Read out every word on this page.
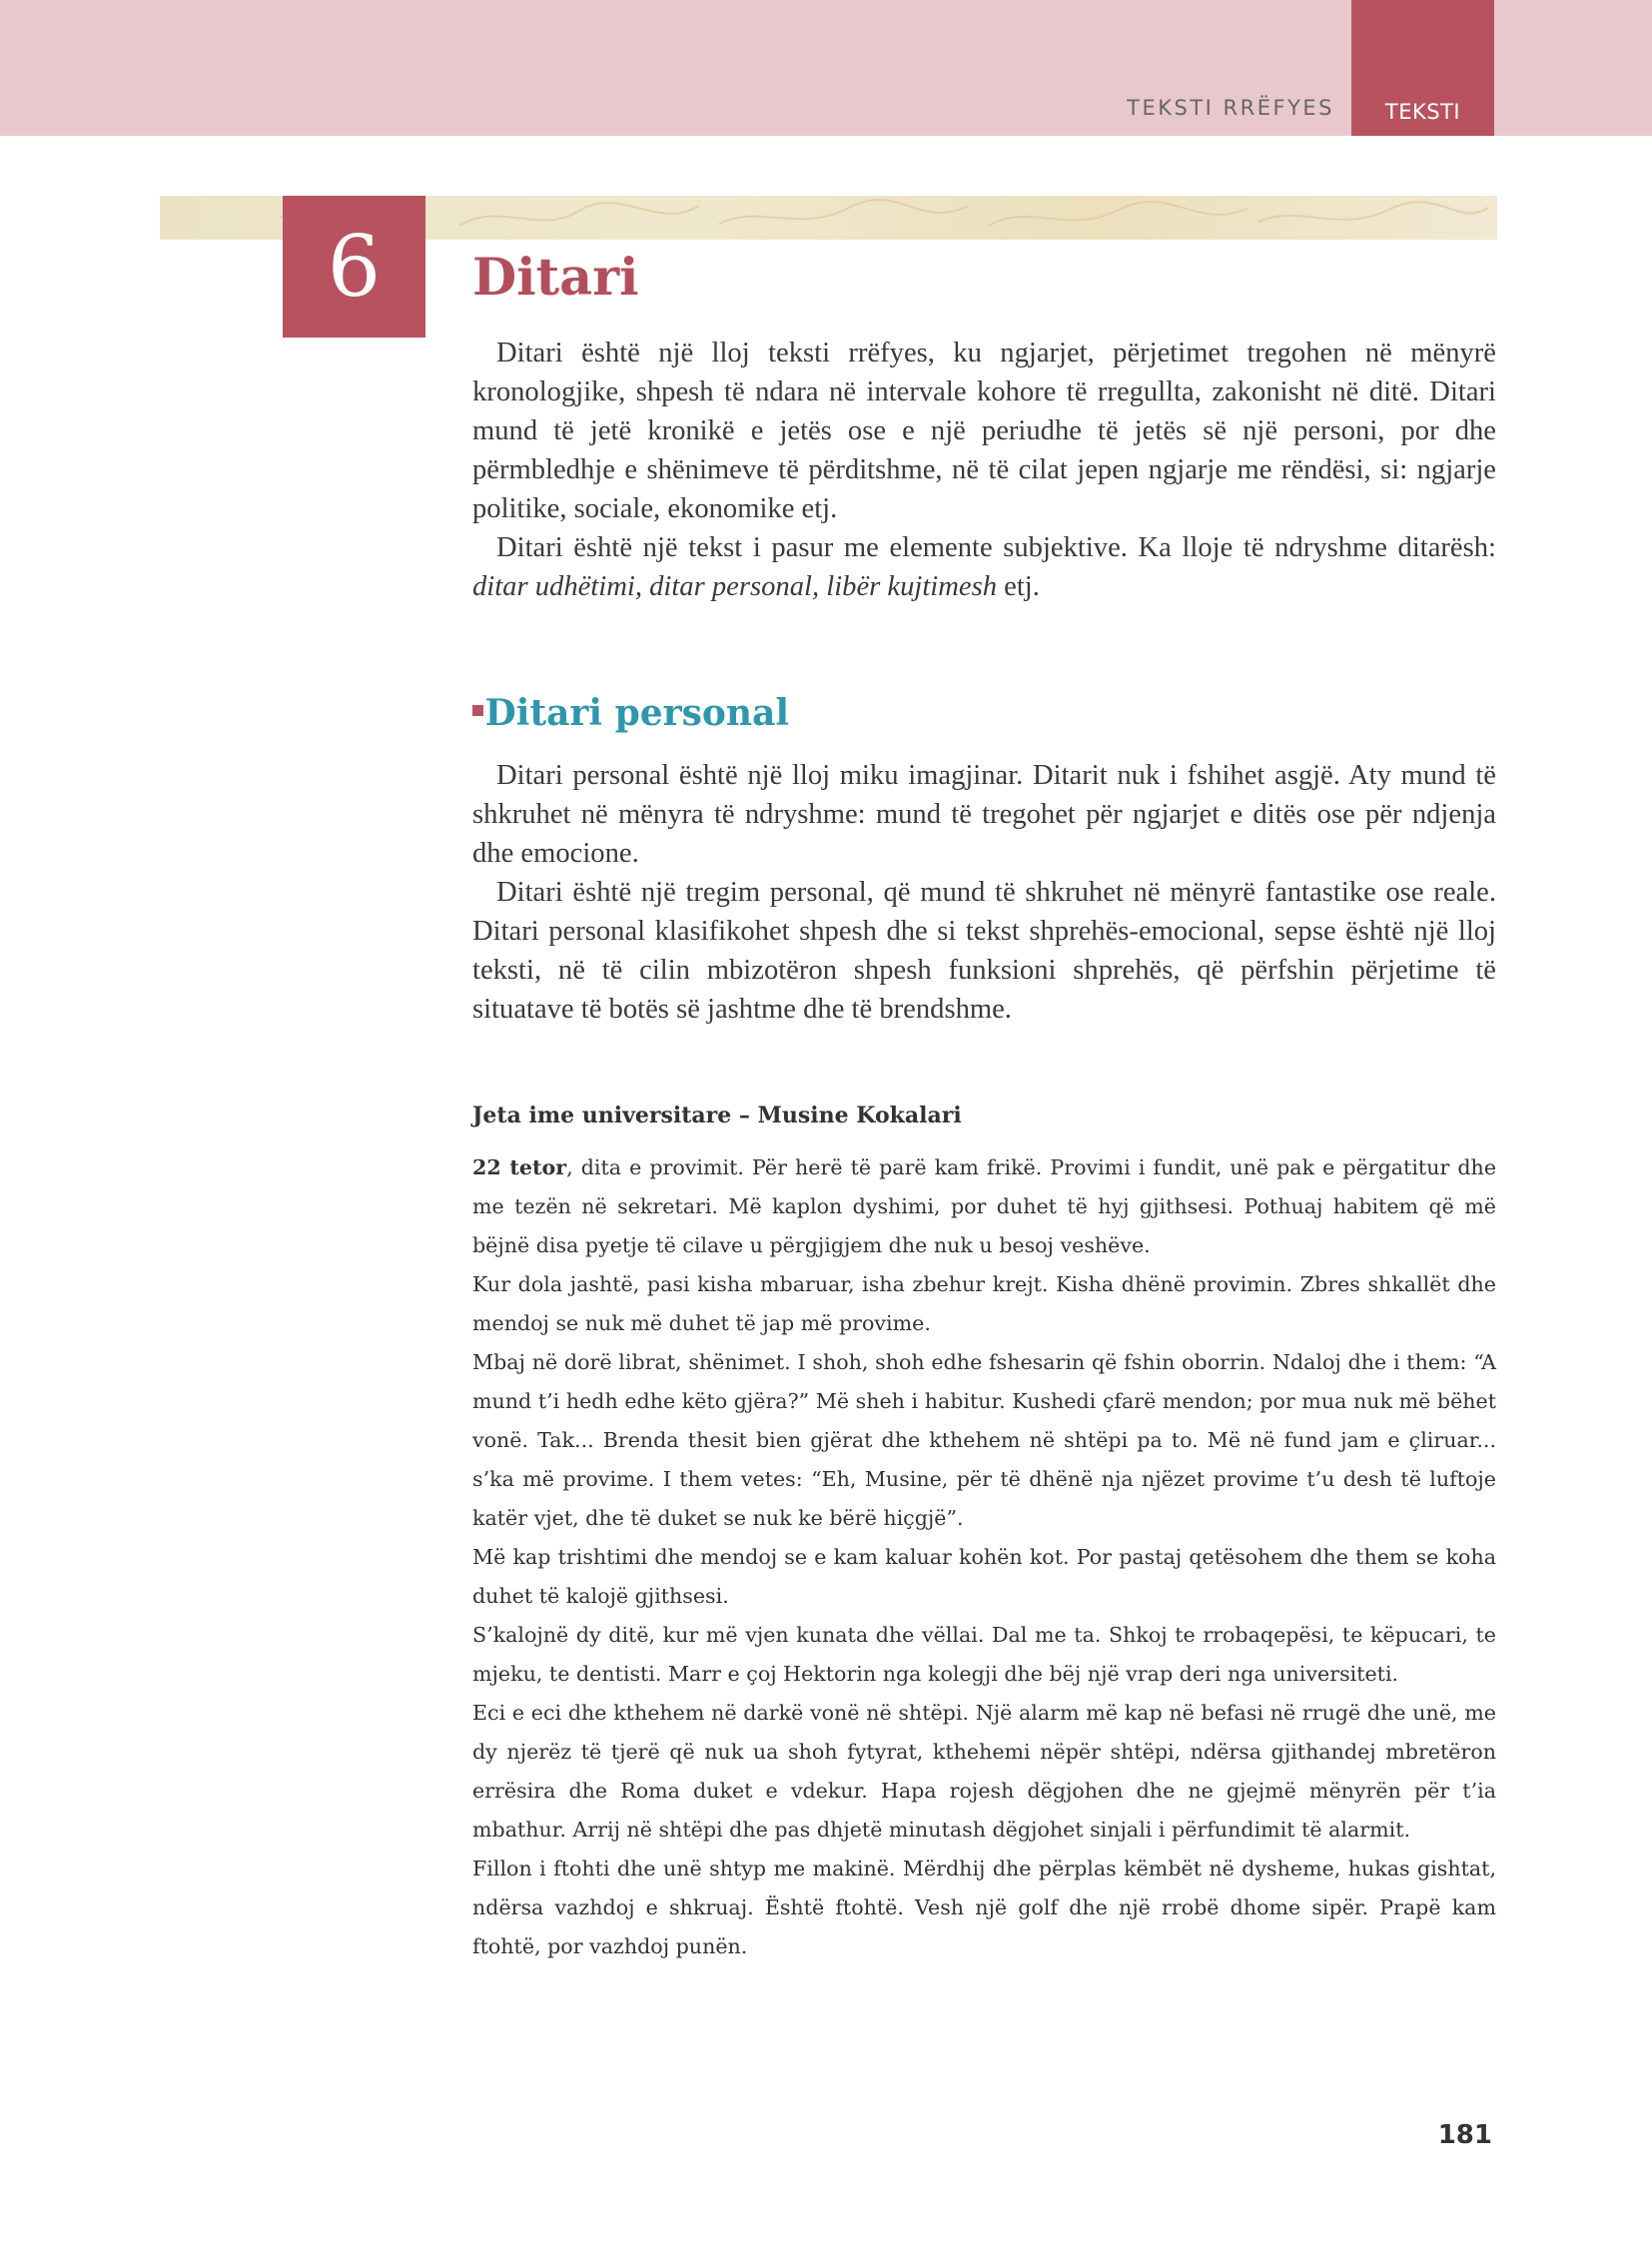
TEKSTI RRËFYES	TEKSTI
6 Ditari

Ditari është një lloj teksti rrëfyes, ku ngjarjet, përjetimet tregohen në mënyrë kronologjike, shpesh të ndara në intervale kohore të rregullta, zakonisht në ditë. Ditari mund të jetë kronikë e jetës ose e një periudhe të jetës së një personi, por dhe përmbledhje e shënimeve të përditshme, në të cilat jepen ngjarje me rëndësi, si: ngjarje politike, sociale, ekonomike etj.

Ditari është një tekst i pasur me elemente subjektive. Ka lloje të ndryshme ditarësh: ditar udhëtimi, ditar personal, libër kujtimesh etj.

Ditari personal

Ditari personal është një lloj miku imagjinar. Ditarit nuk i fshihet asgjë. Aty mund të shkruhet në mënyra të ndryshme: mund të tregohet për ngjarjet e ditës ose për ndjenja dhe emocione.

Ditari është një tregim personal, që mund të shkruhet në mënyrë fantastike ose reale. Ditari personal klasifikohet shpesh dhe si tekst shprehës-emocional, sepse është një lloj teksti, në të cilin mbizotëron shpesh funksioni shprehës, që përfshin përjetime të situatave të botës së jashtme dhe të brendshme.

Jeta ime universitare – Musine Kokalari

22 tetor, dita e provimit. Për herë të parë kam frikë. Provimi i fundit, unë pak e përgatitur dhe me tezën në sekretari. Më kaplon dyshimi, por duhet të hyj gjithsesi. Pothuaj habitem që më bëjnë disa pyetje të cilave u përgjigjem dhe nuk u besoj veshëve.

Kur dola jashtë, pasi kisha mbaruar, isha zbehur krejt. Kisha dhënë provimin. Zbres shkallët dhe mendoj se nuk më duhet të jap më provime.

Mbaj në dorë librat, shënimet. I shoh, shoh edhe fshesarin që fshin oborrin. Ndaloj dhe i them: “A mund t’i hedh edhe këto gjëra?” Më sheh i habitur. Kushedi çfarë mendon; por mua nuk më bëhet vonë. Tak... Brenda thesit bien gjërat dhe kthehem në shtëpi pa to. Më në fund jam e çliruar... s’ka më provime. I them vetes: “Eh, Musine, për të dhënë nja njëzet provime t’u desh të luftoje katër vjet, dhe të duket se nuk ke bërë hiçgjë”.

Më kap trishtimi dhe mendoj se e kam kaluar kohën kot. Por pastaj qetësohem dhe them se koha duhet të kalojë gjithsesi.

S’kalojnë dy ditë, kur më vjen kunata dhe vëllai. Dal me ta. Shkoj te rrobaqepësi, te këpucari, te mjeku, te dentisti. Marr e çoj Hektorin nga kolegji dhe bëj një vrap deri nga universiteti.

Eci e eci dhe kthehem në darkë vonë në shtëpi. Një alarm më kap në befasi në rrugë dhe unë, me dy njerëz të tjerë që nuk ua shoh fytyrat, kthehemi nëpër shtëpi, ndërsa gjithandej mbretëron errësira dhe Roma duket e vdekur. Hapa rojesh dëgjohen dhe ne gjejmë mënyrën për t’ia mbathur. Arrij në shtëpi dhe pas dhjetë minutash dëgjohet sinjali i përfundimit të alarmit.

Fillon i ftohti dhe unë shtyp me makinë. Mërdhij dhe përplas këmbët në dysheme, hukas gishtat, ndërsa vazhdoj e shkruaj. Është ftohtë. Vesh një golf dhe një rrobë dhome sipër. Prapë kam ftohtë, por vazhdoj punën.

181
